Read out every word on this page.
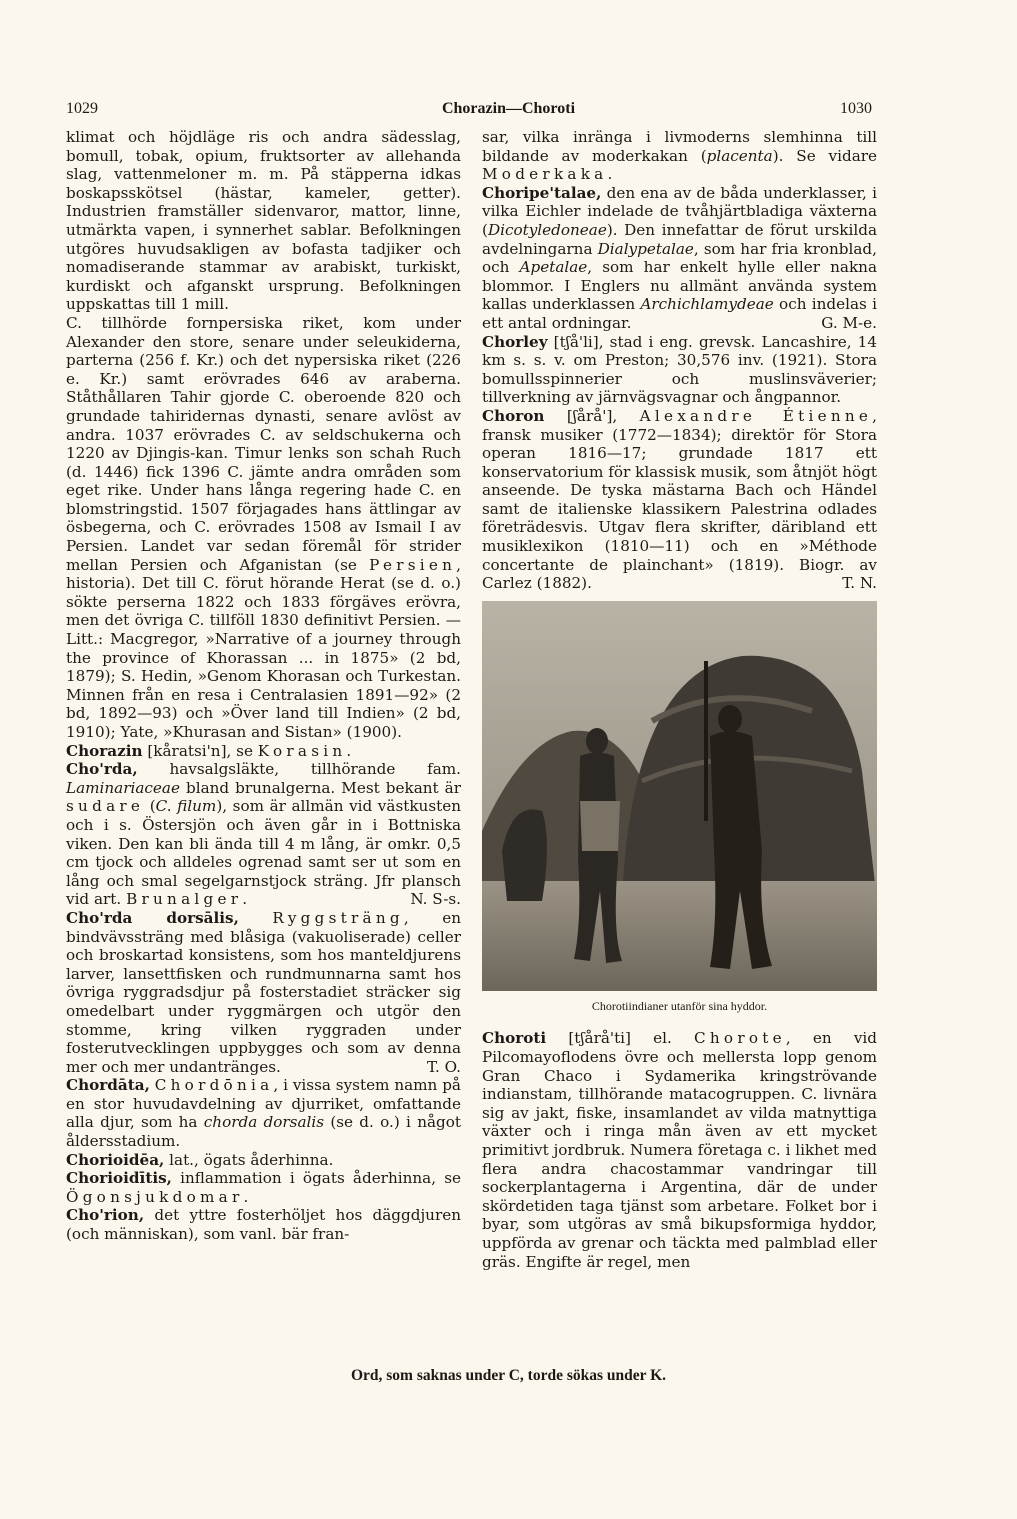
1029	Chorazin—Choroti	1030

klimat och höjdläge ris och andra sädesslag, bomull, tobak, opium, fruktsorter av allehanda slag, vattenmeloner m. m. På stäpperna idkas boskapsskötsel (hästar, kameler, getter). Industrien framställer sidenvaror, mattor, linne, utmärkta vapen, i synnerhet sablar. Befolkningen utgöres huvudsakligen av bofasta tadjiker och nomadiserande stammar av arabiskt, turkiskt, kurdiskt och afganskt ursprung. Befolkningen uppskattas till 1 mill.

C. tillhörde fornpersiska riket, kom under Alexander den store, senare under seleukiderna, parterna (256 f. Kr.) och det nypersiska riket (226 e. Kr.) samt erövrades 646 av araberna. Ståthållaren Tahir gjorde C. oberoende 820 och grundade tahiridernas dynasti, senare avlöst av andra. 1037 erövrades C. av seldschukerna och 1220 av Djingis-kan. Timur lenks son schah Ruch (d. 1446) fick 1396 C. jämte andra områden som eget rike. Under hans långa regering hade C. en blomstringstid. 1507 förjagades hans ättlingar av ösbegerna, och C. erövrades 1508 av Ismail I av Persien. Landet var sedan föremål för strider mellan Persien och Afganistan (se Persien, historia). Det till C. förut hörande Herat (se d. o.) sökte perserna 1822 och 1833 förgäves erövra, men det övriga C. tillföll 1830 definitivt Persien. — Litt.: Macgregor, »Narrative of a journey through the province of Khorassan ... in 1875» (2 bd, 1879); S. Hedin, »Genom Khorasan och Turkestan. Minnen från en resa i Centralasien 1891—92» (2 bd, 1892—93) och »Över land till Indien» (2 bd, 1910); Yate, »Khurasan and Sistan» (1900).

Chorazin [kåratsi'n], se Korasin.

Cho'rda, havsalgsläkte, tillhörande fam. Laminariaceae bland brunalgerna. Mest bekant är sudare (C. filum), som är allmän vid västkusten och i s. Östersjön och även går in i Bottniska viken. Den kan bli ända till 4 m lång, är omkr. 0,5 cm tjock och alldeles ogrenad samt ser ut som en lång och smal segelgarnstjock sträng. Jfr plansch vid art. Brunalger.	N. S-s.

Cho'rda dorsālis, Ryggsträng, en bindvävssträng med blåsiga (vakuoliserade) celler och broskartad konsistens, som hos manteldjurens larver, lansettfisken och rundmunnarna samt hos övriga ryggradsdjur på fosterstadiet sträcker sig omedelbart under ryggmärgen och utgör den stomme, kring vilken ryggraden under fosterutvecklingen uppbygges och som av denna mer och mer undantränges.	T. O.

Chordāta, Chordōnia, i vissa system namn på en stor huvudavdelning av djurriket, omfattande alla djur, som ha chorda dorsalis (se d. o.) i något åldersstadium.

Chorioidēa, lat., ögats åderhinna.

Chorioidītis, inflammation i ögats åderhinna, se Ögonsjukdomar.

Cho'rion, det yttre fosterhöljet hos däggdjuren (och människan), som vanl. bär fran-

sar, vilka inränga i livmoderns slemhinna till bildande av moderkakan (placenta). Se vidare Moderkaka.

Choripe'talae, den ena av de båda underklasser, i vilka Eichler indelade de tvåhjärtbladiga växterna (Dicotyledoneae). Den innefattar de förut urskilda avdelningarna Dialypetalae, som har fria kronblad, och Apetalae, som har enkelt hylle eller nakna blommor. I Englers nu allmänt använda system kallas underklassen Archichlamydeae och indelas i ett antal ordningar.	G. M-e.

Chorley [tʃå'li], stad i eng. grevsk. Lancashire, 14 km s. s. v. om Preston; 30,576 inv. (1921). Stora bomullsspinnerier och muslinsväverier; tillverkning av järnvägsvagnar och ångpannor.

Choron [ʃårå'], Alexandre Étienne, fransk musiker (1772—1834); direktör för Stora operan 1816—17; grundade 1817 ett konservatorium för klassisk musik, som åtnjöt högt anseende. De tyska mästarna Bach och Händel samt de italienske klassikern Palestrina odlades företrädesvis. Utgav flera skrifter, däribland ett musiklexikon (1810—11) och en »Méthode concertante de plainchant» (1819). Biogr. av Carlez (1882).	T. N.

Chorotiindianer utanför sina hyddor.

Choroti [tʃårå'ti] el. Chorote, en vid Pilcomayoflodens övre och mellersta lopp genom Gran Chaco i Sydamerika kringströvande indianstam, tillhörande matacogruppen. C. livnära sig av jakt, fiske, insamlandet av vilda matnyttiga växter och i ringa mån även av ett mycket primitivt jordbruk. Numera företaga c. i likhet med flera andra chacostammar vandringar till sockerplantagerna i Argentina, där de under skördetiden taga tjänst som arbetare. Folket bor i byar, som utgöras av små bikupsformiga hyddor, uppförda av grenar och täckta med palmblad eller gräs. Engifte är regel, men

Ord, som saknas under C, torde sökas under K.
